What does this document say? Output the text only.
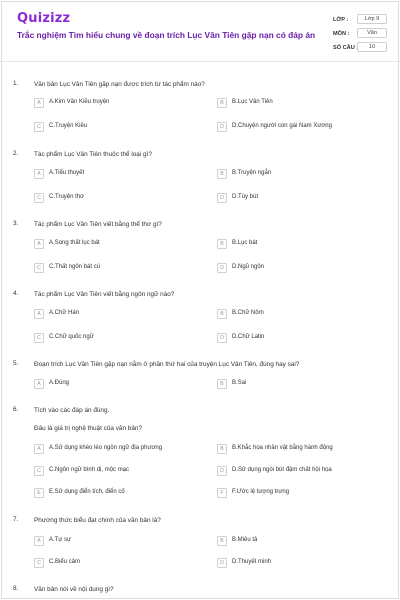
Quizizz
Trắc nghiệm Tìm hiểu chung về đoạn trích Lục Vân Tiên gặp nạn có đáp án
LỚP :	Lớp 9
MÔN :	Văn
SỐ CÂU :	10
1. Văn bản Lục Vân Tiên gặp nạn được trích từ tác phẩm nào?
A	A.Kim Vân Kiều truyện	B	B.Lục Vân Tiên
C	C.Truyện Kiều	D	D.Chuyện người con gái Nam Xương
2. Tác phẩm Lục Vân Tiên thuộc thể loại gì?
A	A.Tiểu thuyết	B	B.Truyện ngắn
C	C.Truyện thơ	D	D.Tùy bút
3. Tác phẩm Lục Vân Tiên viết bằng thể thơ gì?
A	A.Song thất lục bát	B	B.Lục bát
C	C.Thất ngôn bát cú	D	D.Ngũ ngôn
4. Tác phẩm Lục Vân Tiên viết bằng ngôn ngữ nào?
A	A.Chữ Hán	B	B.Chữ Nôm
C	C.Chữ quốc ngữ	D	D.Chữ Latin
5. Đoạn trích Lục Vân Tiên gặp nạn nằm ở phần thứ hai của truyện Lục Vân Tiên, đúng hay sai?
A	A.Đúng	B	B.Sai
6. Tích vào các đáp án đúng.
Đâu là giá trị nghệ thuật của văn bản?
A	A.Sử dụng khéo léo ngôn ngữ địa phương	B	B.Khắc họa nhân vật bằng hành động
C	C.Ngôn ngữ bình dị, mộc mạc	D	D.Sử dụng ngòi bút đậm chất hội họa
E	E.Sử dụng điển tích, điển cố	F	F.Ước lệ tượng trưng
7. Phương thức biểu đạt chính của văn bản là?
A	A.Tự sự	B	B.Miêu tả
C	C.Biểu cảm	D	D.Thuyết minh
8. Văn bản nói về nội dung gì?
